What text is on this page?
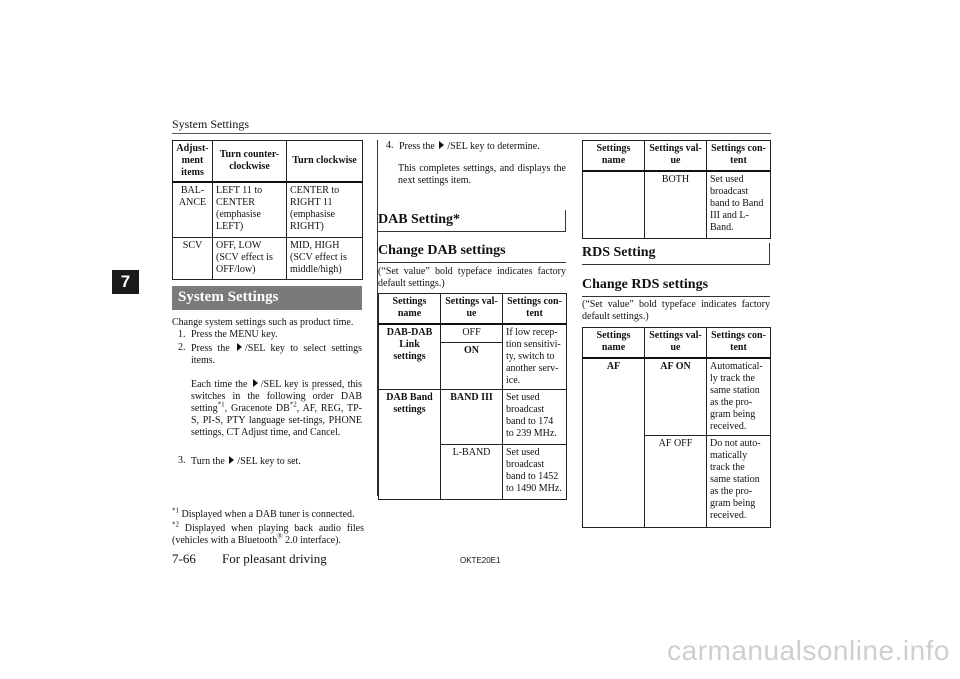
System Settings
7
Adjust-ment items	Turn counter-clockwise	Turn clockwise
BAL-ANCE	LEFT 11 to CENTER (emphasise LEFT)	CENTER to RIGHT 11 (emphasise RIGHT)
SCV	OFF, LOW (SCV effect is OFF/low)	MID, HIGH (SCV effect is middle/high)
System Settings
Change system settings such as product time.
1. Press the MENU key.
2. Press the /SEL key to select settings items.
Each time the /SEL key is pressed, this switches in the following order DAB setting$^{*1}$, Gracenote DB$^{*2}$, AF, REG, TP-S, PI-S, PTY language set-tings, PHONE settings, CT Adjust time, and Cancel.
3. Turn the /SEL key to set.
$^{*1}$ Displayed when a DAB tuner is connected.
$^{*2}$ Displayed when playing back audio files (vehicles with a Bluetooth® 2.0 interface).
4. Press the /SEL key to determine.
This completes settings, and displays the next settings item.
DAB Setting*
Change DAB settings
(“Set value” bold typeface indicates factory default settings.)
Settings name	Settings val-ue	Settings con-tent
DAB-DAB Link settings	OFF	If low recep-tion sensitivi-ty, switch to another serv-ice.
	ON	
DAB Band settings	BAND III	Set used broadcast band to 174 to 239 MHz.
	L-BAND	Set used broadcast band to 1452 to 1490 MHz.
Settings name	Settings val-ue	Settings con-tent
	BOTH	Set used broadcast band to Band III and L-Band.
RDS Setting
Change RDS settings
(“Set value” bold typeface indicates factory default settings.)
Settings name	Settings val-ue	Settings con-tent
AF	AF ON	Automatical-ly track the same station as the pro-gram being received.
	AF OFF	Do not auto-matically track the same station as the pro-gram being received.
7-66 For pleasant driving	OKTE20E1
carmanualsonline.info
